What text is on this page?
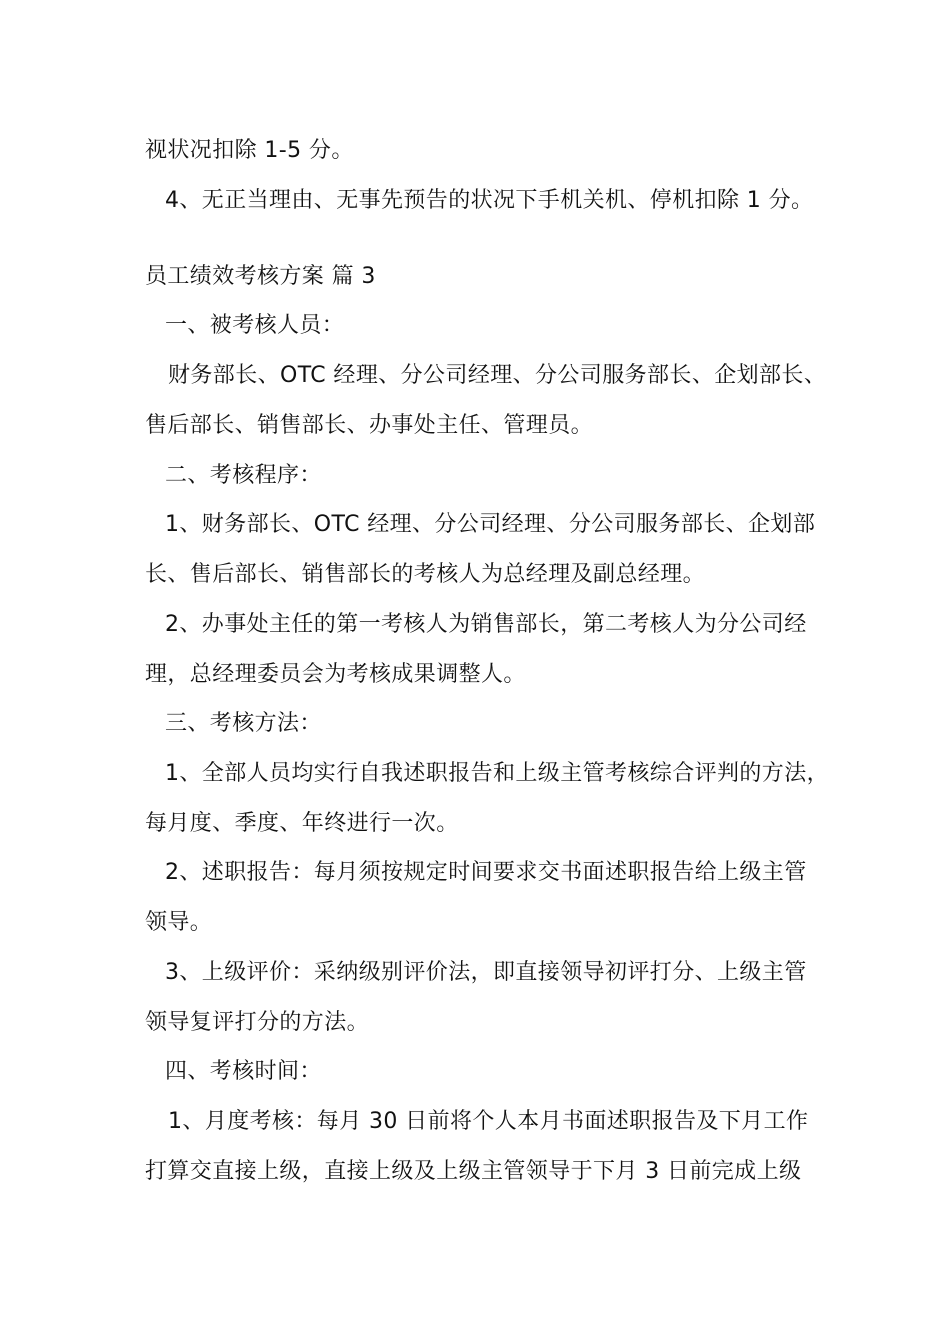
视状况扣除 1-5 分。
4、无正当理由、无事先预告的状况下手机关机、停机扣除 1 分。
员工绩效考核方案 篇 3
一、被考核人员：
财务部长、OTC 经理、分公司经理、分公司服务部长、企划部长、
售后部长、销售部长、办事处主任、管理员。
二、考核程序：
1、财务部长、OTC 经理、分公司经理、分公司服务部长、企划部
长、售后部长、销售部长的考核人为总经理及副总经理。
2、办事处主任的第一考核人为销售部长，第二考核人为分公司经
理，总经理委员会为考核成果调整人。
三、考核方法：
1、全部人员均实行自我述职报告和上级主管考核综合评判的方法，
每月度、季度、年终进行一次。
2、述职报告：每月须按规定时间要求交书面述职报告给上级主管
领导。
3、上级评价：采纳级别评价法，即直接领导初评打分、上级主管
领导复评打分的方法。
四、考核时间：
1、月度考核：每月 30 日前将个人本月书面述职报告及下月工作
打算交直接上级，直接上级及上级主管领导于下月 3 日前完成上级
